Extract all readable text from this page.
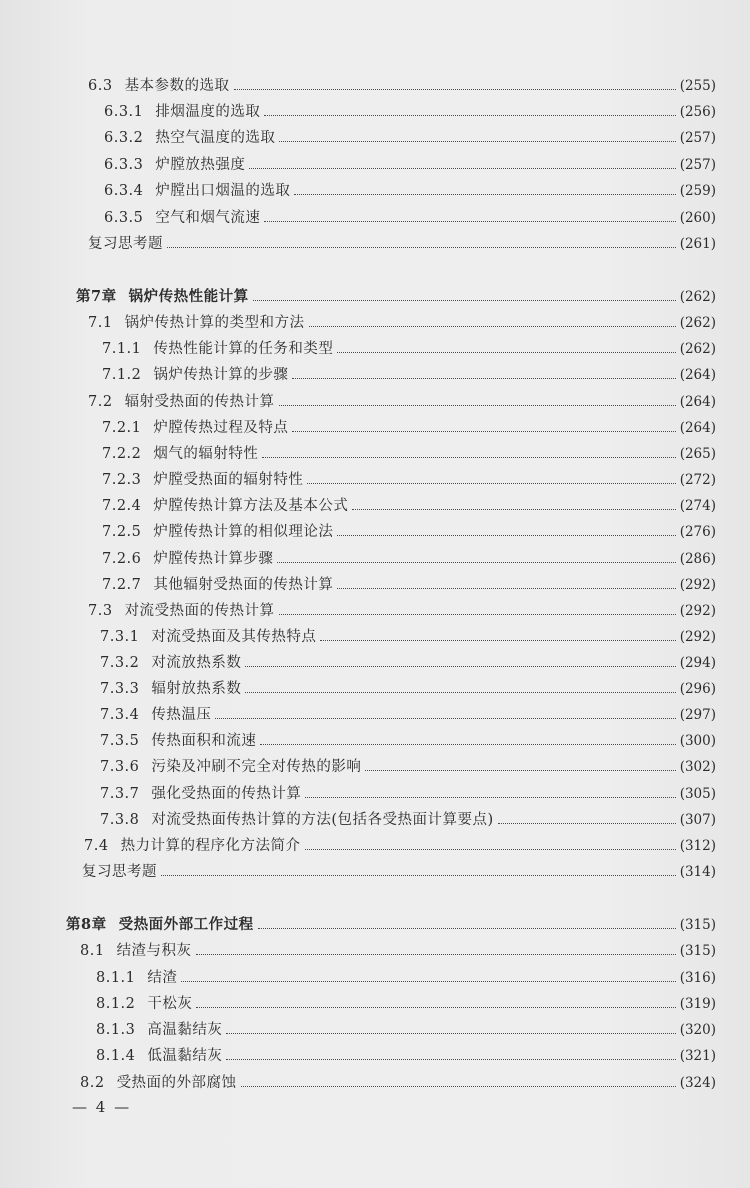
6.3 基本参数的选取	(255)
6.3.1 排烟温度的选取	(256)
6.3.2 热空气温度的选取	(257)
6.3.3 炉膛放热强度	(257)
6.3.4 炉膛出口烟温的选取	(259)
6.3.5 空气和烟气流速	(260)
复习思考题	(261)
第7章 锅炉传热性能计算	(262)
7.1 锅炉传热计算的类型和方法	(262)
7.1.1 传热性能计算的任务和类型	(262)
7.1.2 锅炉传热计算的步骤	(264)
7.2 辐射受热面的传热计算	(264)
7.2.1 炉膛传热过程及特点	(264)
7.2.2 烟气的辐射特性	(265)
7.2.3 炉膛受热面的辐射特性	(272)
7.2.4 炉膛传热计算方法及基本公式	(274)
7.2.5 炉膛传热计算的相似理论法	(276)
7.2.6 炉膛传热计算步骤	(286)
7.2.7 其他辐射受热面的传热计算	(292)
7.3 对流受热面的传热计算	(292)
7.3.1 对流受热面及其传热特点	(292)
7.3.2 对流放热系数	(294)
7.3.3 辐射放热系数	(296)
7.3.4 传热温压	(297)
7.3.5 传热面积和流速	(300)
7.3.6 污染及冲刷不完全对传热的影响	(302)
7.3.7 强化受热面的传热计算	(305)
7.3.8 对流受热面传热计算的方法(包括各受热面计算要点)	(307)
7.4 热力计算的程序化方法简介	(312)
复习思考题	(314)
第8章 受热面外部工作过程	(315)
8.1 结渣与积灰	(315)
8.1.1 结渣	(316)
8.1.2 干松灰	(319)
8.1.3 高温黏结灰	(320)
8.1.4 低温黏结灰	(321)
8.2 受热面的外部腐蚀	(324)
— 4 —
